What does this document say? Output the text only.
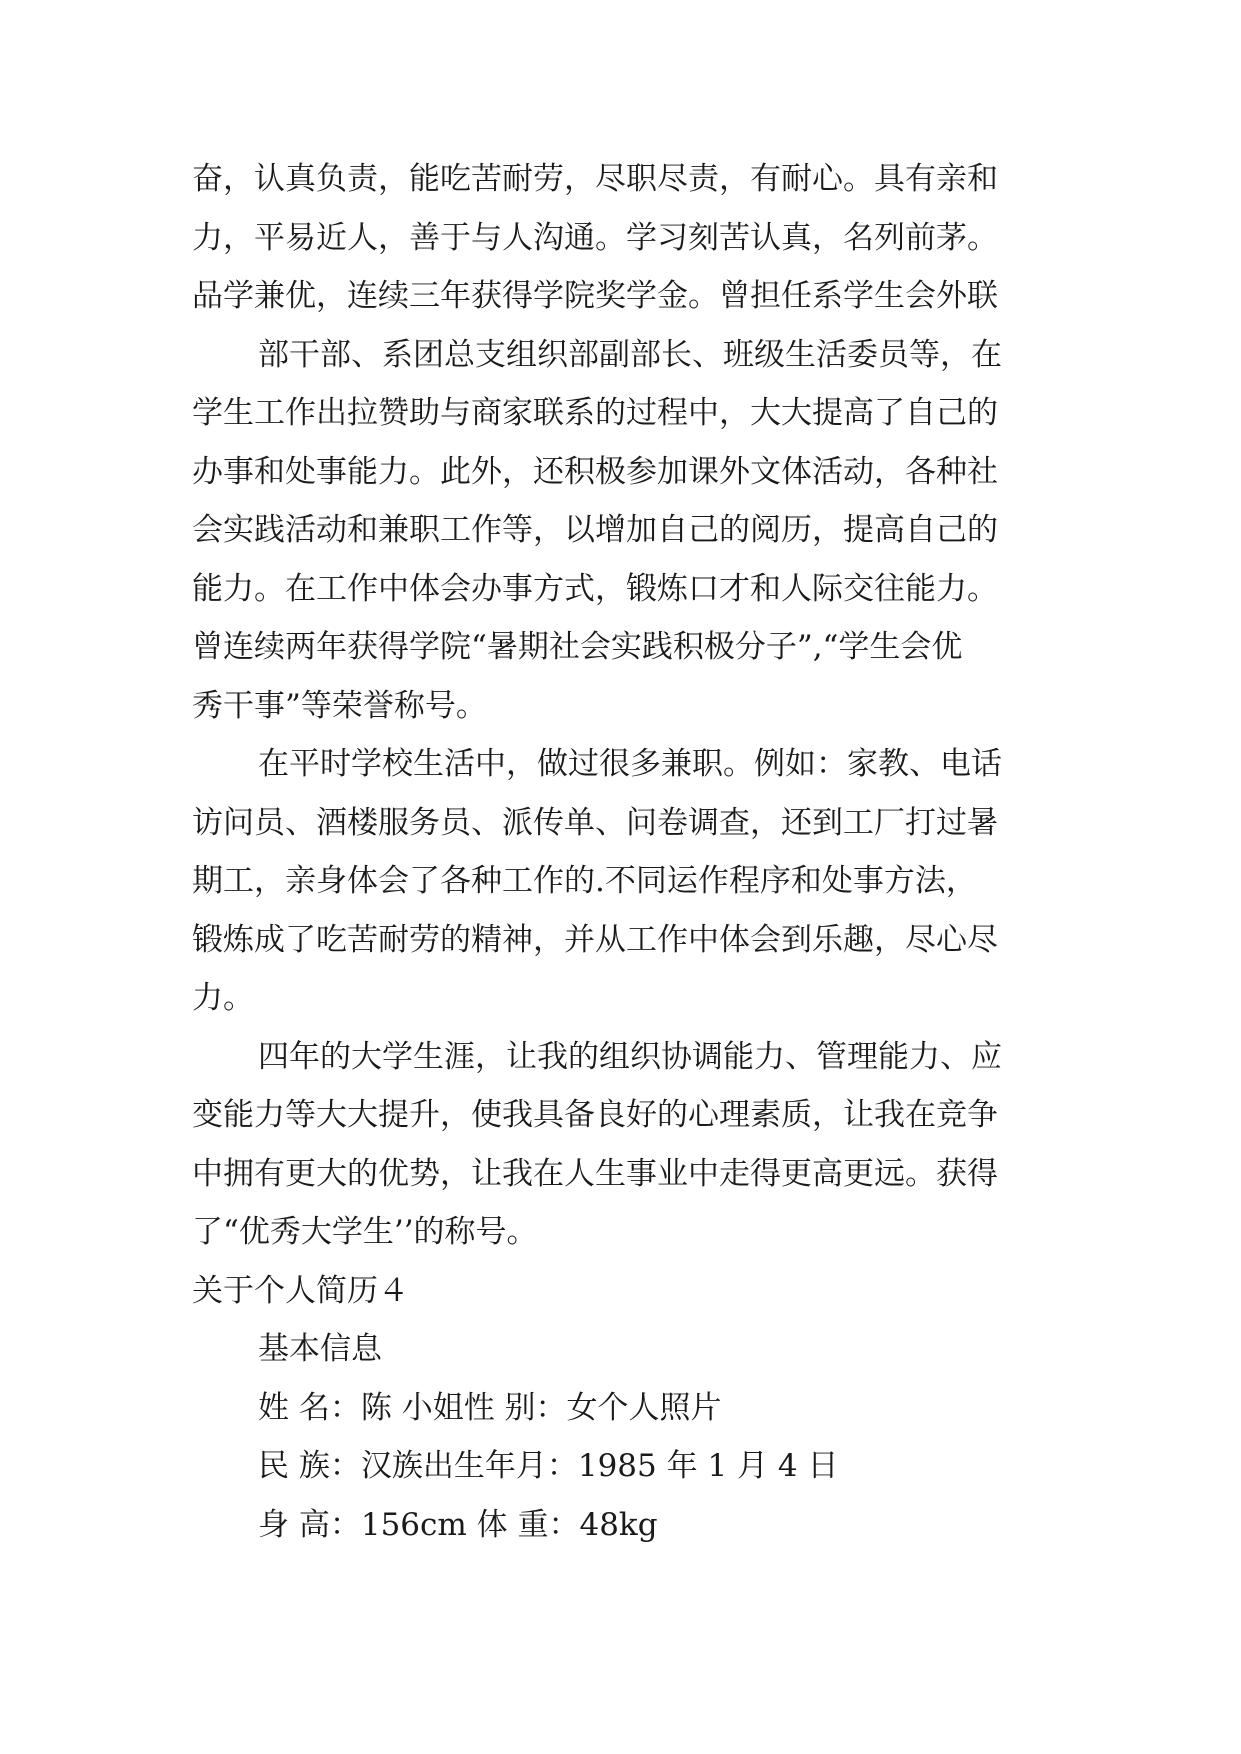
奋，认真负责，能吃苦耐劳，尽职尽责，有耐心。具有亲和
力，平易近人，善于与人沟通。学习刻苦认真，名列前茅。
品学兼优，连续三年获得学院奖学金。曾担任系学生会外联
部干部、系团总支组织部副部长、班级生活委员等，在
学生工作出拉赞助与商家联系的过程中，大大提高了自己的
办事和处事能力。此外，还积极参加课外文体活动，各种社
会实践活动和兼职工作等，以增加自己的阅历，提高自己的
能力。在工作中体会办事方式，锻炼口才和人际交往能力。
曾连续两年获得学院“暑期社会实践积极分子”,“学生会优
秀干事”等荣誉称号。
在平时学校生活中，做过很多兼职。例如：家教、电话
访问员、酒楼服务员、派传单、问卷调查，还到工厂打过暑
期工，亲身体会了各种工作的.不同运作程序和处事方法，
锻炼成了吃苦耐劳的精神，并从工作中体会到乐趣，尽心尽
力。
四年的大学生涯，让我的组织协调能力、管理能力、应
变能力等大大提升，使我具备良好的心理素质，让我在竞争
中拥有更大的优势，让我在人生事业中走得更高更远。获得
了“优秀大学生’’的称号。
关于个人简历４
基本信息
姓 名：陈 小姐性 别：女个人照片
民 族：汉族出生年月：1985 年 1 月 4 日
身 高：156cm 体 重：48kg
